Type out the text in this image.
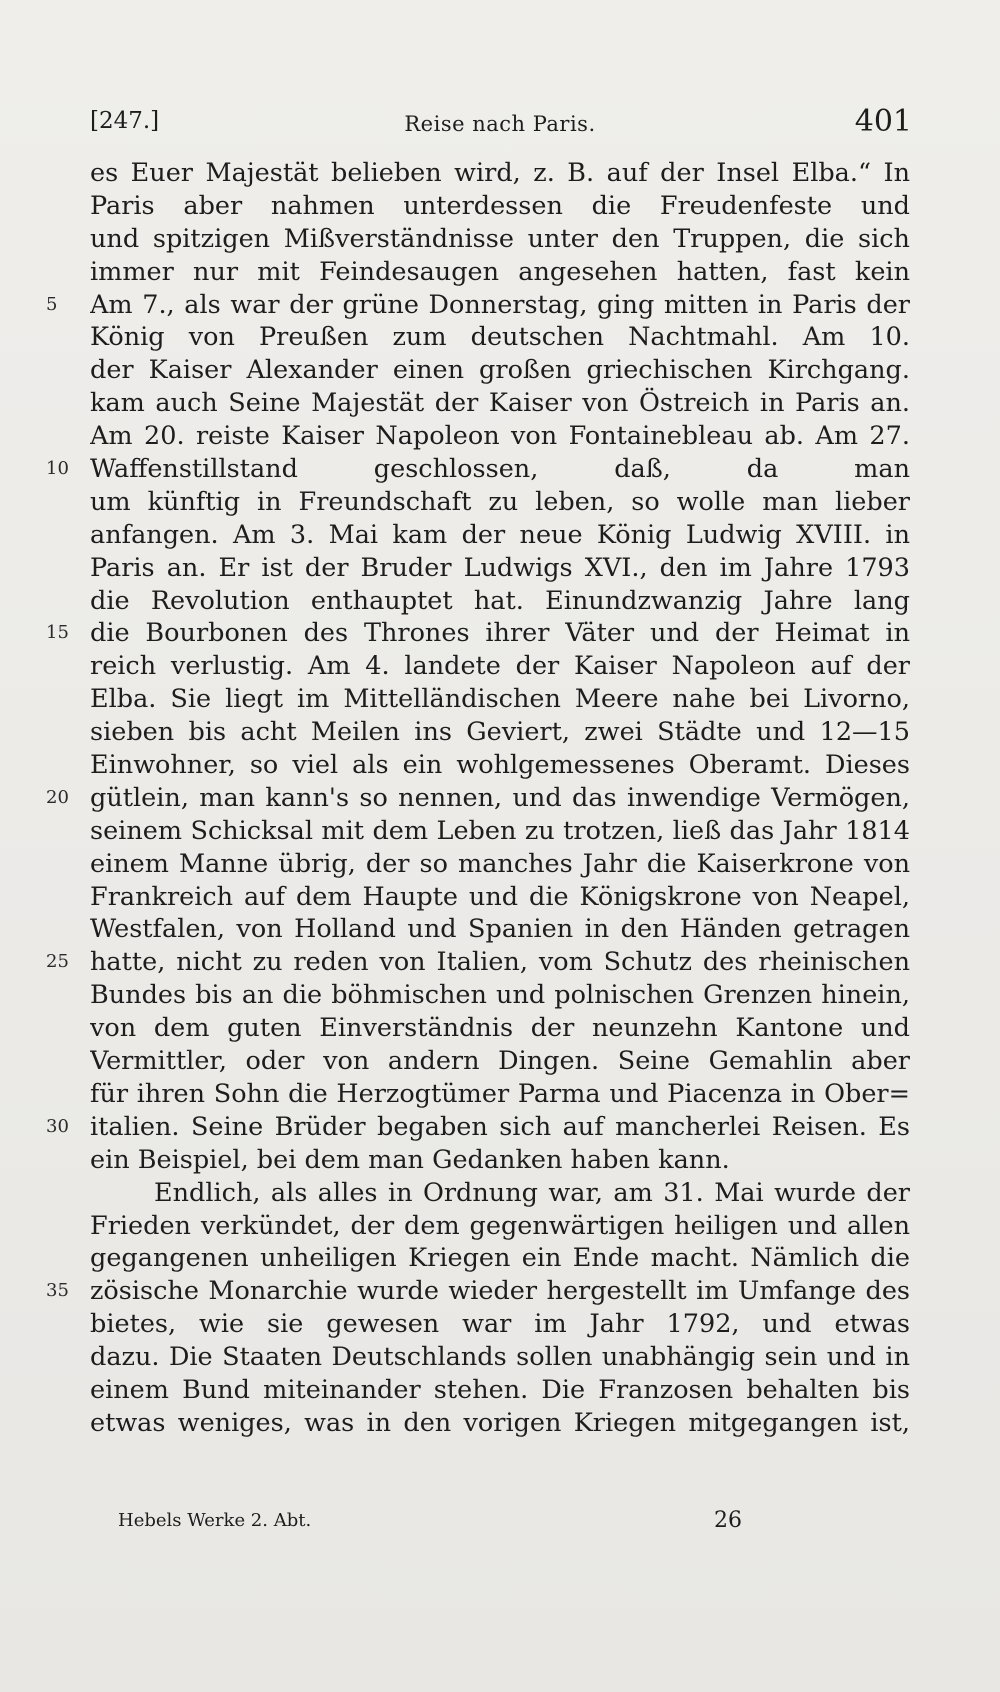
[247.]	Reise nach Paris.	401
es Euer Majestät belieben wird, z. B. auf der Insel Elba.“ In
Paris aber nahmen unterdessen die Freudenfeste und
und spitzigen Mißverständnisse unter den Truppen, die sich
immer nur mit Feindesaugen angesehen hatten, fast kein
5	Am 7., als war der grüne Donnerstag, ging mitten in Paris der
König von Preußen zum deutschen Nachtmahl. Am 10.
der Kaiser Alexander einen großen griechischen Kirchgang.
kam auch Seine Majestät der Kaiser von Östreich in Paris an.
Am 20. reiste Kaiser Napoleon von Fontainebleau ab. Am 27.
10 Waffenstillstand geschlossen, daß, da man
um künftig in Freundschaft zu leben, so wolle man lieber
anfangen. Am 3. Mai kam der neue König Ludwig XVIII. in
Paris an. Er ist der Bruder Ludwigs XVI., den im Jahre 1793
die Revolution enthauptet hat. Einundzwanzig Jahre lang
15 die Bourbonen des Thrones ihrer Väter und der Heimat in
reich verlustig. Am 4. landete der Kaiser Napoleon auf der
Elba. Sie liegt im Mittelländischen Meere nahe bei Livorno,
sieben bis acht Meilen ins Geviert, zwei Städte und 12—15
Einwohner, so viel als ein wohlgemessenes Oberamt. Dieses
20 gütlein, man kann's so nennen, und das inwendige Vermögen,
seinem Schicksal mit dem Leben zu trotzen, ließ das Jahr 1814
einem Manne übrig, der so manches Jahr die Kaiserkrone von
Frankreich auf dem Haupte und die Königskrone von Neapel,
Westfalen, von Holland und Spanien in den Händen getragen
25 hatte, nicht zu reden von Italien, vom Schutz des rheinischen
Bundes bis an die böhmischen und polnischen Grenzen hinein,
von dem guten Einverständnis der neunzehn Kantone und
Vermittler, oder von andern Dingen. Seine Gemahlin aber
für ihren Sohn die Herzogtümer Parma und Piacenza in Ober=
30 italien. Seine Brüder begaben sich auf mancherlei Reisen. Es
ein Beispiel, bei dem man Gedanken haben kann.
Endlich, als alles in Ordnung war, am 31. Mai wurde der
Frieden verkündet, der dem gegenwärtigen heiligen und allen
gegangenen unheiligen Kriegen ein Ende macht. Nämlich die
35 zösische Monarchie wurde wieder hergestellt im Umfange des
bietes, wie sie gewesen war im Jahr 1792, und etwas
dazu. Die Staaten Deutschlands sollen unabhängig sein und in
einem Bund miteinander stehen. Die Franzosen behalten bis
etwas weniges, was in den vorigen Kriegen mitgegangen ist,
Hebels Werke 2. Abt.	26
